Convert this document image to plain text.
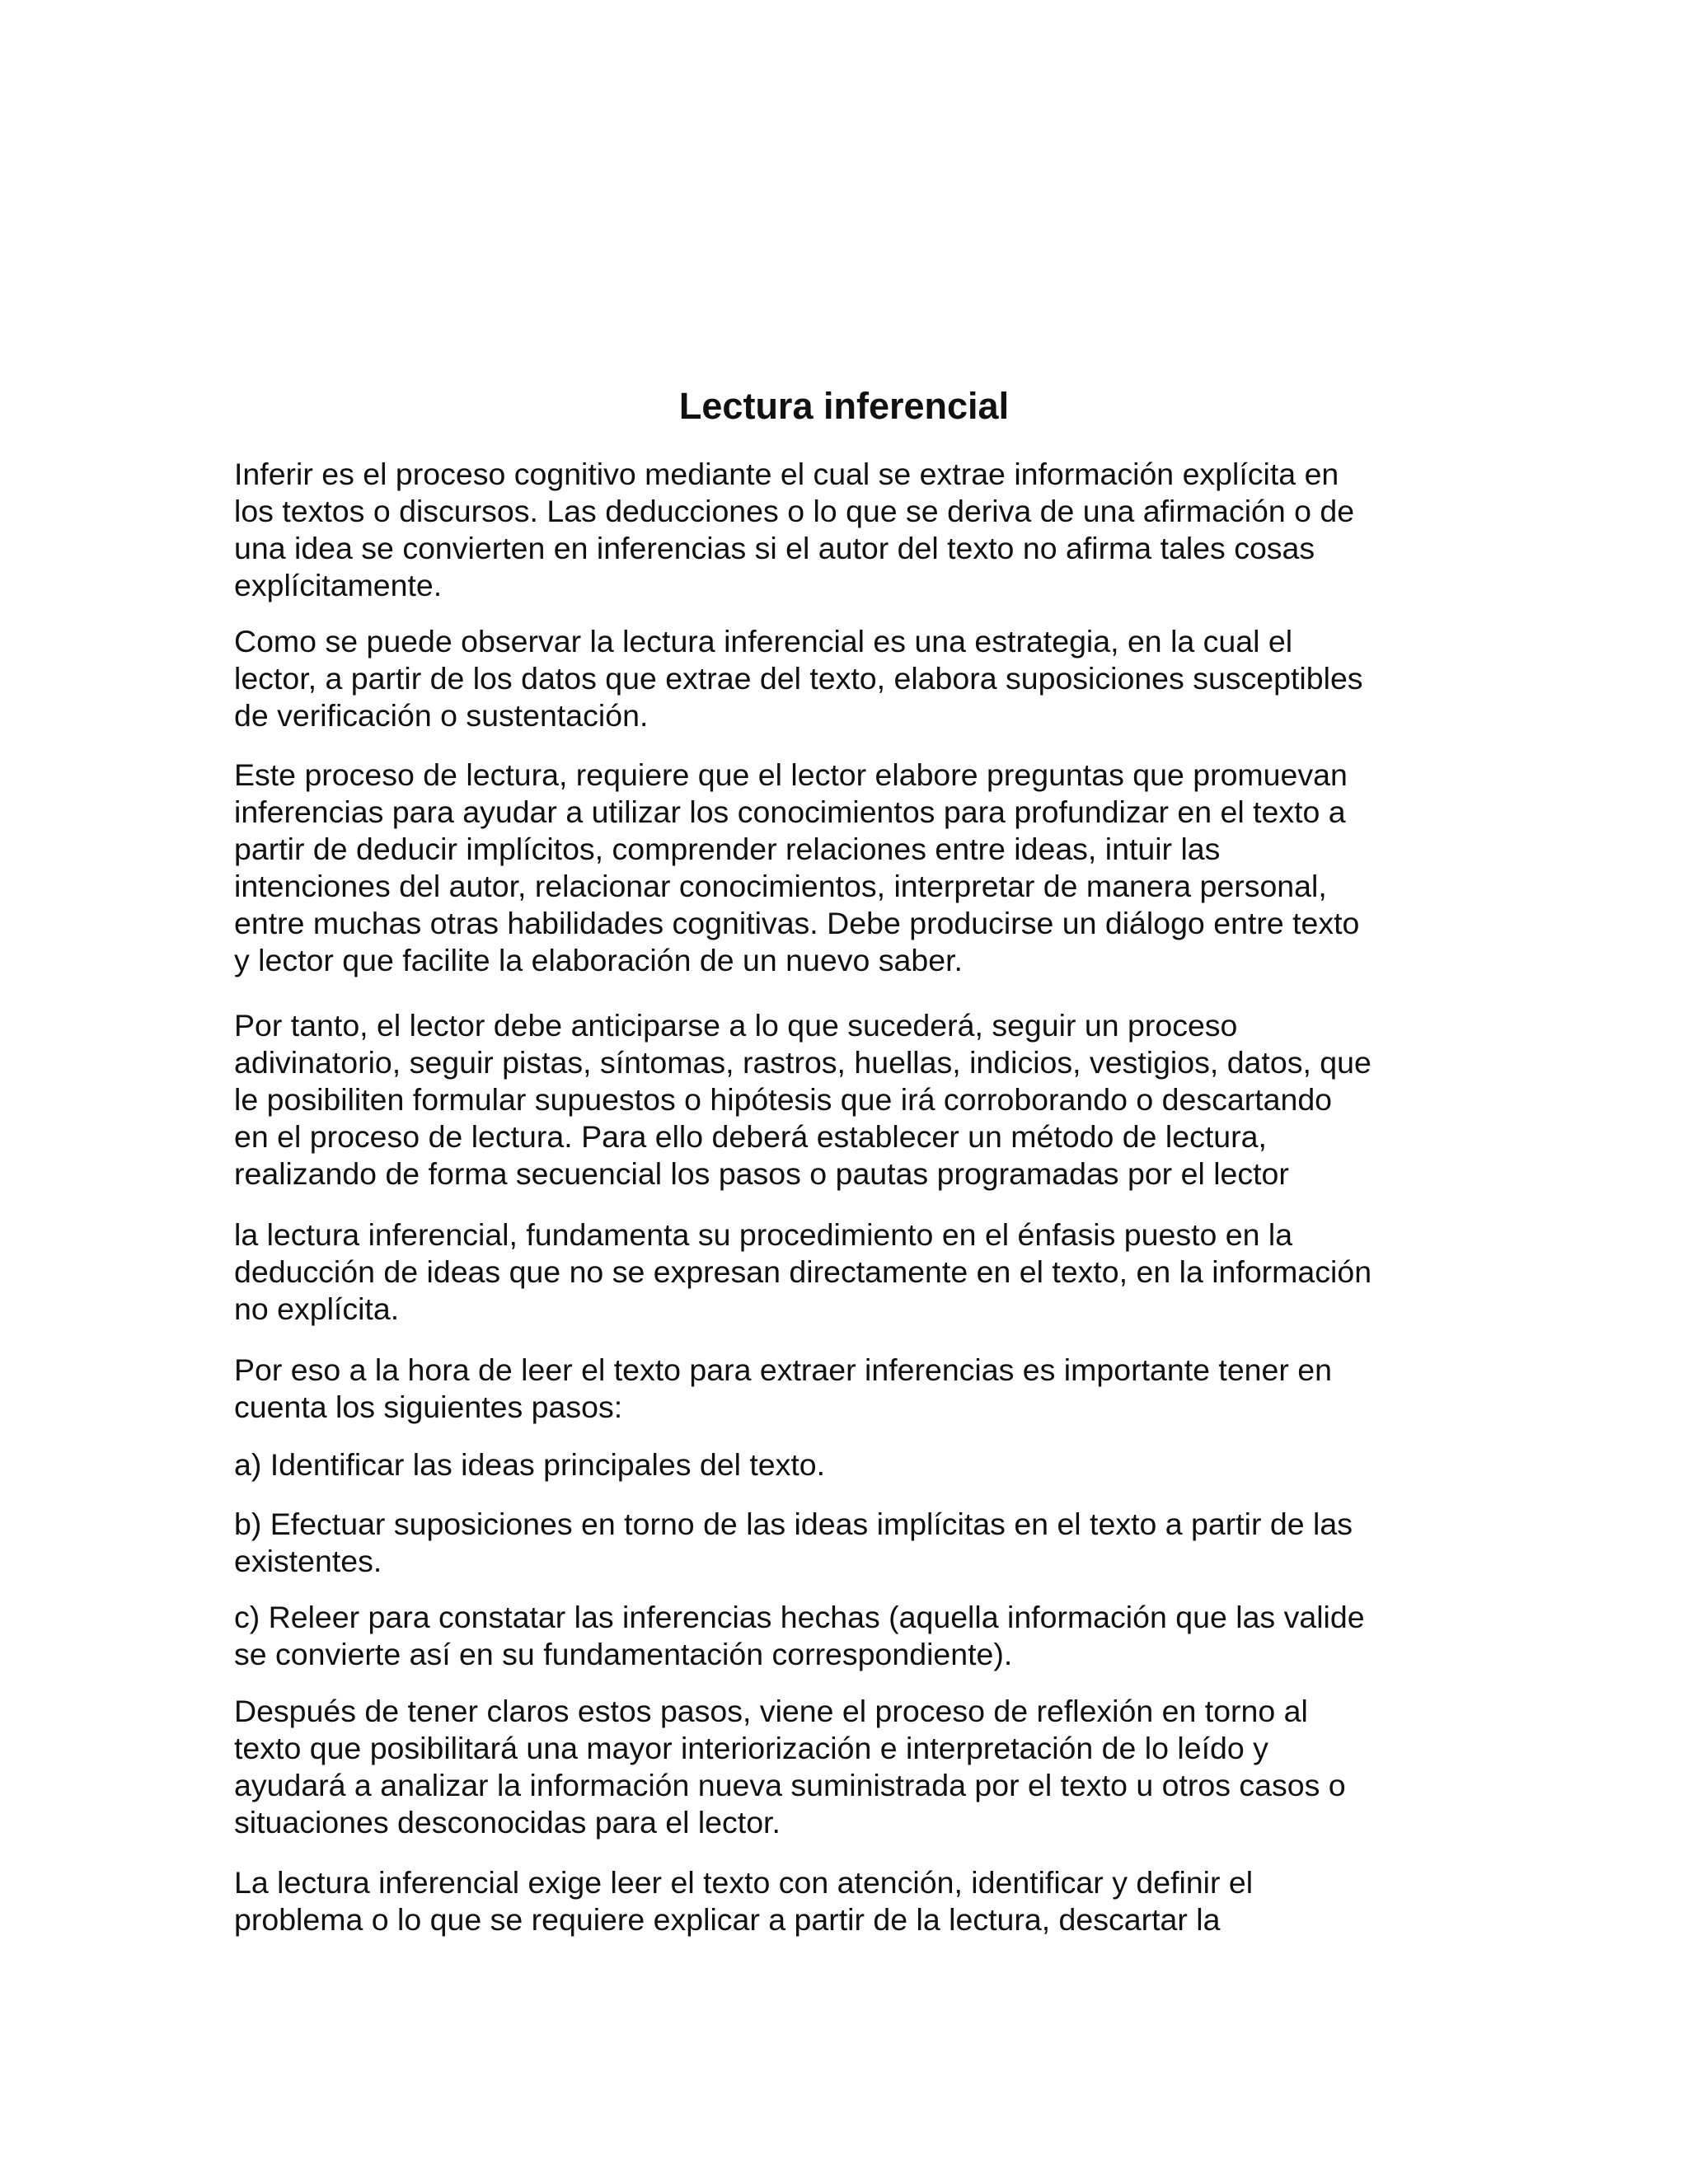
Lectura inferencial

Inferir es el proceso cognitivo mediante el cual se extrae información explícita en
los textos o discursos. Las deducciones o lo que se deriva de una afirmación o de
una idea se convierten en inferencias si el autor del texto no afirma tales cosas
explícitamente.

Como se puede observar la lectura inferencial es una estrategia, en la cual el
lector, a partir de los datos que extrae del texto, elabora suposiciones susceptibles
de verificación o sustentación.

Este proceso de lectura, requiere que el lector elabore preguntas que promuevan
inferencias para ayudar a utilizar los conocimientos para profundizar en el texto a
partir de deducir implícitos, comprender relaciones entre ideas, intuir las
intenciones del autor, relacionar conocimientos, interpretar de manera personal,
entre muchas otras habilidades cognitivas. Debe producirse un diálogo entre texto
y lector que facilite la elaboración de un nuevo saber.

Por tanto, el lector debe anticiparse a lo que sucederá, seguir un proceso
adivinatorio, seguir pistas, síntomas, rastros, huellas, indicios, vestigios, datos, que
le posibiliten formular supuestos o hipótesis que irá corroborando o descartando
en el proceso de lectura. Para ello deberá establecer un método de lectura,
realizando de forma secuencial los pasos o pautas programadas por el lector

la lectura inferencial, fundamenta su procedimiento en el énfasis puesto en la
deducción de ideas que no se expresan directamente en el texto, en la información
no explícita.

Por eso a la hora de leer el texto para extraer inferencias es importante tener en
cuenta los siguientes pasos:

a) Identificar las ideas principales del texto.

b) Efectuar suposiciones en torno de las ideas implícitas en el texto a partir de las
existentes.

c) Releer para constatar las inferencias hechas (aquella información que las valide
se convierte así en su fundamentación correspondiente).

Después de tener claros estos pasos, viene el proceso de reflexión en torno al
texto que posibilitará una mayor interiorización e interpretación de lo leído y
ayudará a analizar la información nueva suministrada por el texto u otros casos o
situaciones desconocidas para el lector.

La lectura inferencial exige leer el texto con atención, identificar y definir el
problema o lo que se requiere explicar a partir de la lectura, descartar la
